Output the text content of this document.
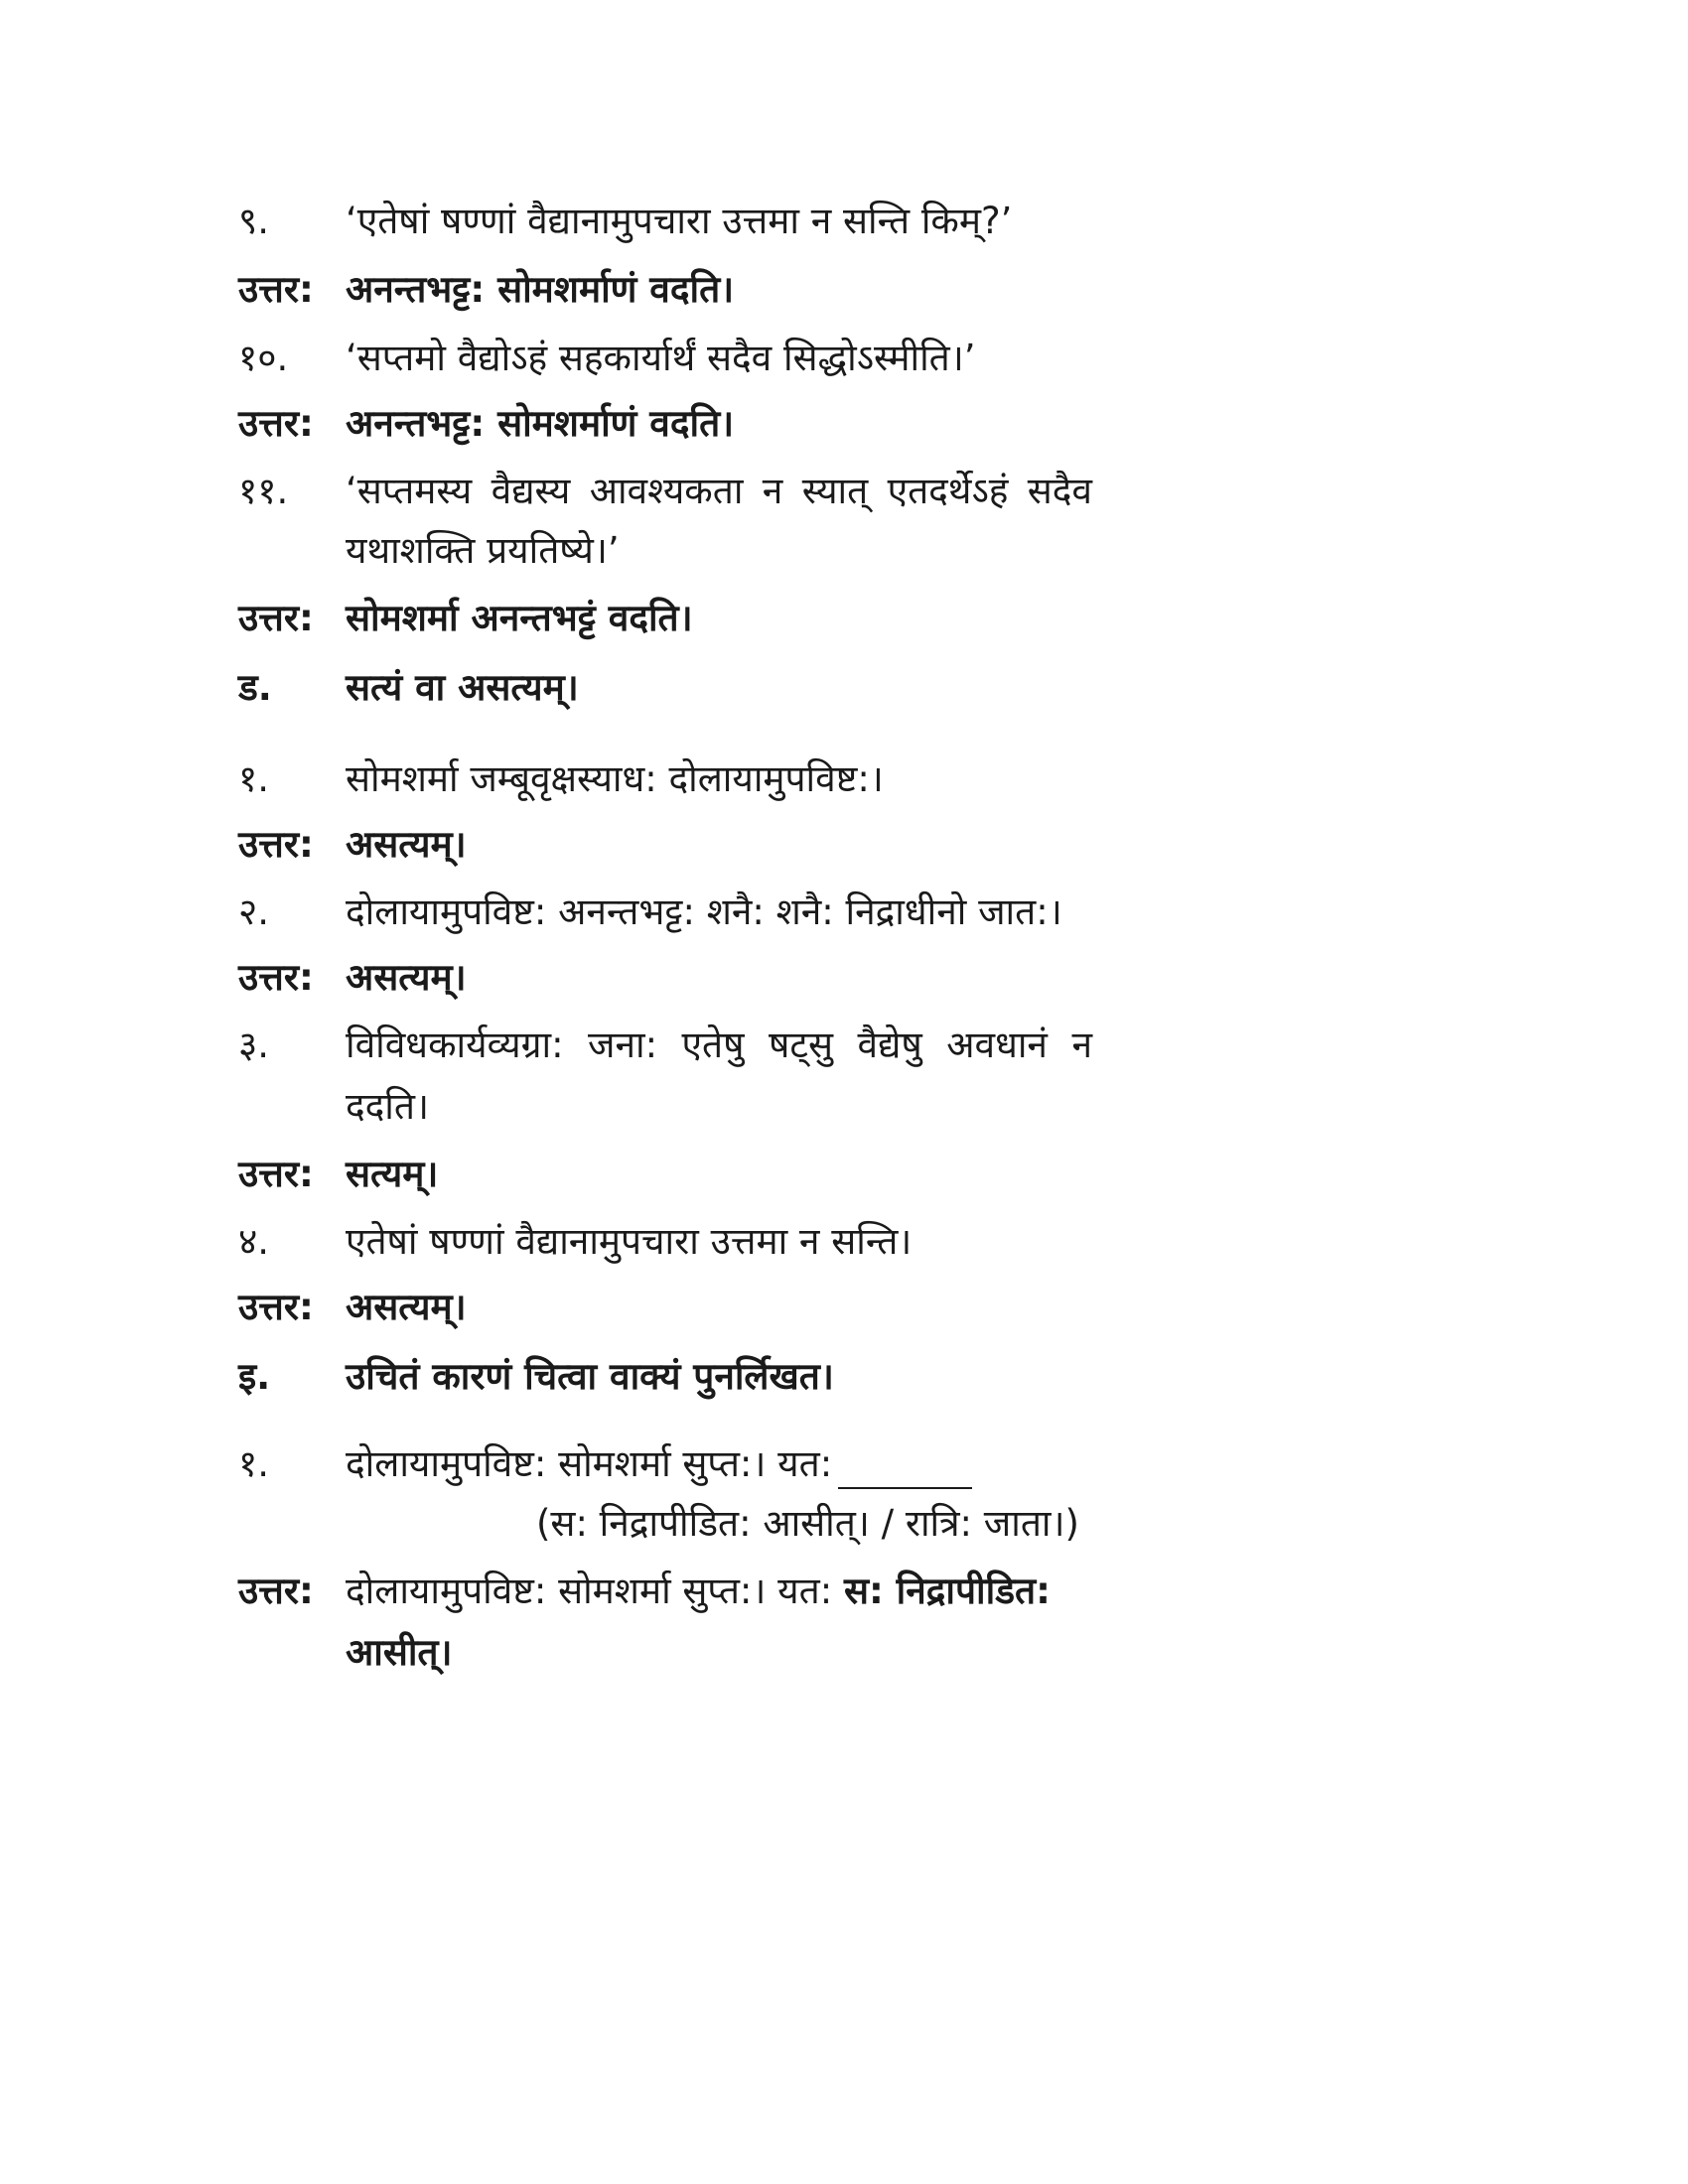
९. ‘एतेषां षण्णां वैद्यानामुपचारा उत्तमा न सन्ति किम्?’
उत्तर: अनन्तभट्ट: सोमशर्माणं वदति।
१०. ‘सप्तमो वैद्योऽहं सहकार्यार्थं सदैव सिद्धोऽस्मीति।’
उत्तर: अनन्तभट्ट: सोमशर्माणं वदति।
११. ‘सप्तमस्य वैद्यस्य आवश्यकता न स्यात् एतदर्थेऽहं सदैव
यथाशक्ति प्रयतिष्ये।’
उत्तर: सोमशर्मा अनन्तभट्टं वदति।
ड. सत्यं वा असत्यम्।
१. सोमशर्मा जम्बूवृक्षस्याध: दोलायामुपविष्ट:।
उत्तर: असत्यम्।
२. दोलायामुपविष्ट: अनन्तभट्ट: शनै: शनै: निद्राधीनो जात:।
उत्तर: असत्यम्।
३. विविधकार्यव्यग्रा: जना: एतेषु षट्सु वैद्येषु अवधानं न
ददति।
उत्तर: सत्यम्।
४. एतेषां षण्णां वैद्यानामुपचारा उत्तमा न सन्ति।
उत्तर: असत्यम्।
इ. उचितं कारणं चित्वा वाक्यं पुनर्लिखत।
१. दोलायामुपविष्ट: सोमशर्मा सुप्त:। यत:
(स: निद्रापीडित: आसीत्। / रात्रि: जाता।)
उत्तर: दोलायामुपविष्ट: सोमशर्मा सुप्त:। यत: स: निद्रापीडित:
आसीत्।
